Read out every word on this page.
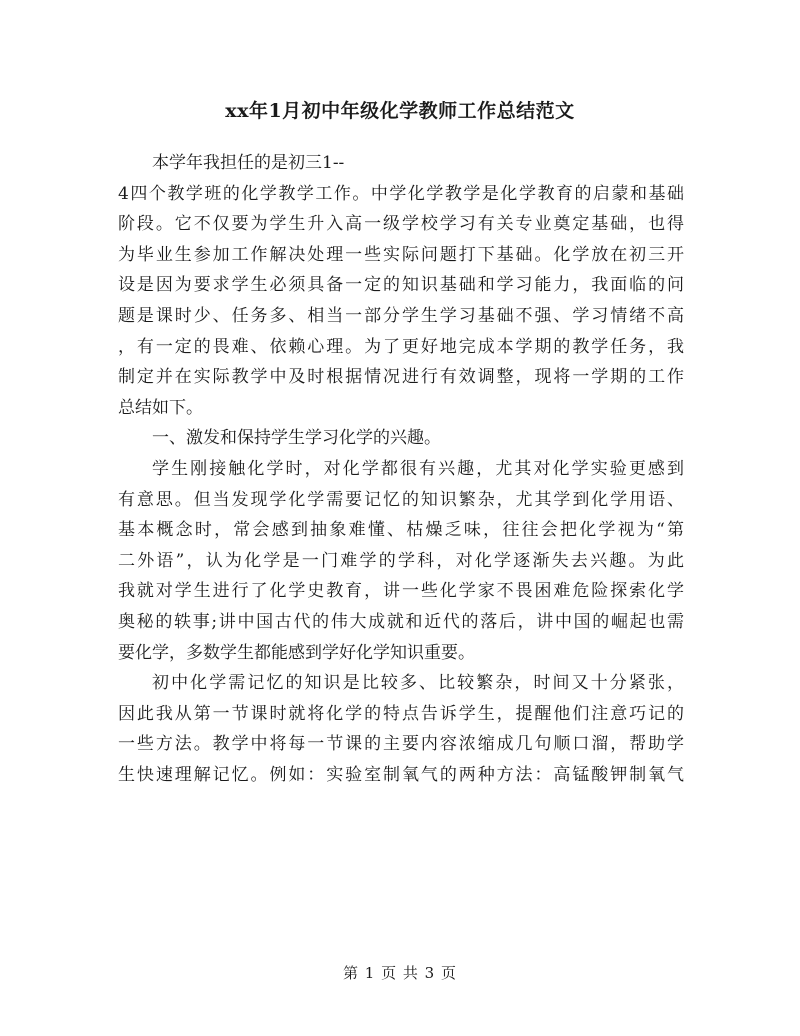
xx年1月初中年级化学教师工作总结范文
本学年我担任的是初三1--
4四个教学班的化学教学工作。中学化学教学是化学教育的启蒙和基础
阶段。它不仅要为学生升入高一级学校学习有关专业奠定基础，也得
为毕业生参加工作解决处理一些实际问题打下基础。化学放在初三开
设是因为要求学生必须具备一定的知识基础和学习能力，我面临的问
题是课时少、任务多、相当一部分学生学习基础不强、学习情绪不高
，有一定的畏难、依赖心理。为了更好地完成本学期的教学任务，我
制定并在实际教学中及时根据情况进行有效调整，现将一学期的工作
总结如下。
一、激发和保持学生学习化学的兴趣。
学生刚接触化学时，对化学都很有兴趣，尤其对化学实验更感到
有意思。但当发现学化学需要记忆的知识繁杂，尤其学到化学用语、
基本概念时，常会感到抽象难懂、枯燥乏味，往往会把化学视为“第
二外语”，认为化学是一门难学的学科，对化学逐渐失去兴趣。为此
我就对学生进行了化学史教育，讲一些化学家不畏困难危险探索化学
奥秘的轶事;讲中国古代的伟大成就和近代的落后，讲中国的崛起也需
要化学，多数学生都能感到学好化学知识重要。
初中化学需记忆的知识是比较多、比较繁杂，时间又十分紧张，
因此我从第一节课时就将化学的特点告诉学生，提醒他们注意巧记的
一些方法。教学中将每一节课的主要内容浓缩成几句顺口溜，帮助学
生快速理解记忆。例如：实验室制氧气的两种方法：高锰酸钾制氧气
第 1 页 共 3 页
